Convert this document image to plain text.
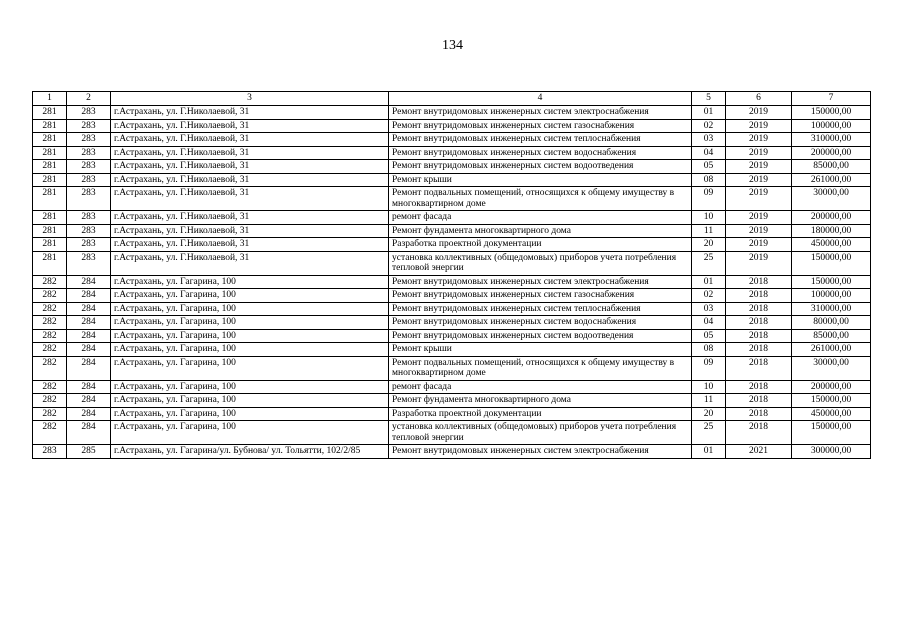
134
1	2	3	4	5	6	7
281	283	г.Астрахань, ул. Г.Николаевой, 31	Ремонт внутридомовых инженерных систем электроснабжения	01	2019	150000,00
281	283	г.Астрахань, ул. Г.Николаевой, 31	Ремонт внутридомовых инженерных систем газоснабжения	02	2019	100000,00
281	283	г.Астрахань, ул. Г.Николаевой, 31	Ремонт внутридомовых инженерных систем теплоснабжения	03	2019	310000,00
281	283	г.Астрахань, ул. Г.Николаевой, 31	Ремонт внутридомовых инженерных систем водоснабжения	04	2019	200000,00
281	283	г.Астрахань, ул. Г.Николаевой, 31	Ремонт внутридомовых инженерных систем водоотведения	05	2019	85000,00
281	283	г.Астрахань, ул. Г.Николаевой, 31	Ремонт крыши	08	2019	261000,00
281	283	г.Астрахань, ул. Г.Николаевой, 31	Ремонт подвальных помещений, относящихся к общему имуществу в многоквартирном доме	09	2019	30000,00
281	283	г.Астрахань, ул. Г.Николаевой, 31	ремонт фасада	10	2019	200000,00
281	283	г.Астрахань, ул. Г.Николаевой, 31	Ремонт фундамента многоквартирного дома	11	2019	180000,00
281	283	г.Астрахань, ул. Г.Николаевой, 31	Разработка проектной документации	20	2019	450000,00
281	283	г.Астрахань, ул. Г.Николаевой, 31	установка коллективных (общедомовых) приборов учета потребления тепловой энергии	25	2019	150000,00
282	284	г.Астрахань, ул. Гагарина, 100	Ремонт внутридомовых инженерных систем электроснабжения	01	2018	150000,00
282	284	г.Астрахань, ул. Гагарина, 100	Ремонт внутридомовых инженерных систем газоснабжения	02	2018	100000,00
282	284	г.Астрахань, ул. Гагарина, 100	Ремонт внутридомовых инженерных систем теплоснабжения	03	2018	310000,00
282	284	г.Астрахань, ул. Гагарина, 100	Ремонт внутридомовых инженерных систем водоснабжения	04	2018	80000,00
282	284	г.Астрахань, ул. Гагарина, 100	Ремонт внутридомовых инженерных систем водоотведения	05	2018	85000,00
282	284	г.Астрахань, ул. Гагарина, 100	Ремонт крыши	08	2018	261000,00
282	284	г.Астрахань, ул. Гагарина, 100	Ремонт подвальных помещений, относящихся к общему имуществу в многоквартирном доме	09	2018	30000,00
282	284	г.Астрахань, ул. Гагарина, 100	ремонт фасада	10	2018	200000,00
282	284	г.Астрахань, ул. Гагарина, 100	Ремонт фундамента многоквартирного дома	11	2018	150000,00
282	284	г.Астрахань, ул. Гагарина, 100	Разработка проектной документации	20	2018	450000,00
282	284	г.Астрахань, ул. Гагарина, 100	установка коллективных (общедомовых) приборов учета потребления тепловой энергии	25	2018	150000,00
283	285	г.Астрахань, ул. Гагарина/ул. Бубнова/ ул. Тольятти, 102/2/85	Ремонт внутридомовых инженерных систем электроснабжения	01	2021	300000,00
